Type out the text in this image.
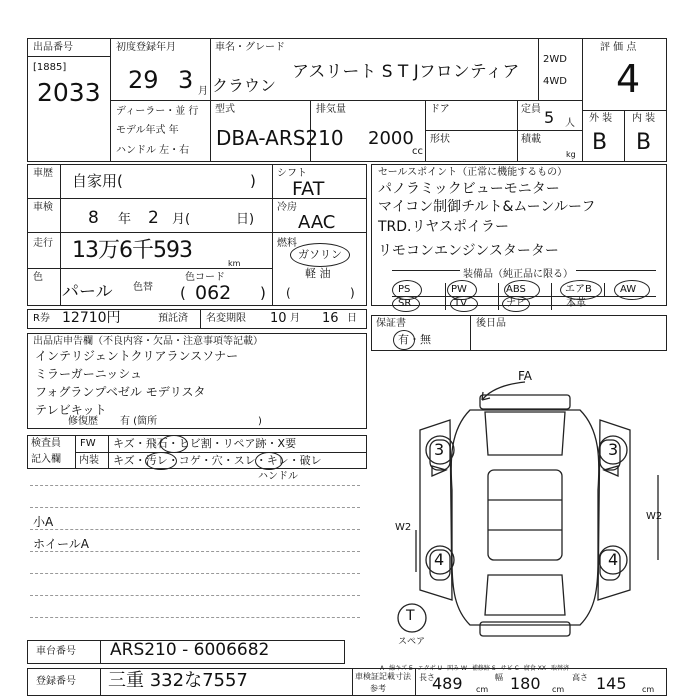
出品番号
[1885]
2033
初度登録年月
29 3 月
車名・グレード
クラウン
アスリート S T Jフロンティア
2WD
4WD
評 価 点
4
ディーラー・並 行
モデル年式 年
ハンドル 左・右
型式
DBA-ARS210
排気量
2000
cc
ドア
形状
定員 5 人
積載
kg
外 装 内 装
B B
車歴 自家用(	)
車検
8 年 2 月(	日)
走行 13万6千593
km
色
パール 色替
色コード
( 062 )
シフト
FAT
冷房
AAC
燃料
ガソリン
軽 油
(	)
セールスポイント（正常に機能するもの）
パノラミックビューモニター
マイコン制御チルト&ムーンルーフ
TRD.リヤスポイラー
リモコンエンジンスターター
装備品（純正品に限る）
PS	PW	ABS	エアB	AW
SR	TV	ナビ	本革
R券 12710円	預託済 名変期限 10 月 16 日 保証書
有・無
後日品
出品店申告欄（不良内容・欠品・注意事項等記載）
インテリジェントクリアランスソナー
ミラーガーニッシュ
フォグランプベゼル モデリスタ
テレビキット
修復歴 有 (箇所	)
検査員
記入欄
FW キズ・飛石・ヒビ割・リペア跡・X要
内装 キズ・汚レ・コゲ・穴・スレ・キレ・破レ
ハンドル
小A
ホイールA
FA
3	3
4	4
W2
W2
T
スペア
A−線キズ E−エクボ U−凹み W−補修跡 S−サビ C−腐食 XX−取替済
車台番号 ARS210 - 6006682
登録番号 三重 332な7557	車検証記載寸法
参考
長さ
489 cm
幅 180 cm
高さ 145 cm
